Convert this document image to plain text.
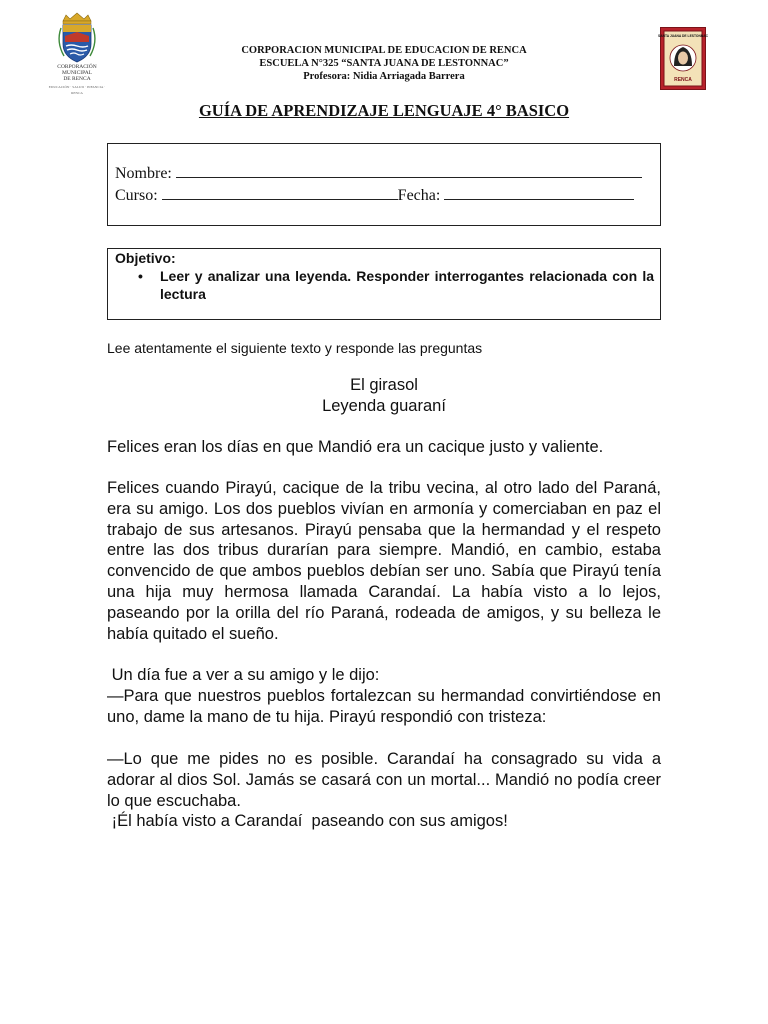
CORPORACIÓN
MUNICIPAL
DE RENCA
EDUCACIÓN · SALUD · INFANCIA · RENCA
SANTA JUANA DE LESTONNAC
RENCA
CORPORACION MUNICIPAL DE EDUCACION DE RENCA
ESCUELA N°325 “SANTA JUANA DE LESTONNAC”
Profesora: Nidia Arriagada Barrera
GUÍA DE APRENDIZAJE LENGUAJE 4° BASICO
Nombre:
Curso:	Fecha:
Objetivo:
• Leer y analizar una leyenda. Responder interrogantes relacionada con la lectura
Lee atentamente el siguiente texto y responde las preguntas
El girasol
Leyenda guaraní

Felices eran los días en que Mandió era un cacique justo y valiente.

Felices cuando Pirayú, cacique de la tribu vecina, al otro lado del Paraná, era su amigo. Los dos pueblos vivían en armonía y comerciaban en paz el trabajo de sus artesanos. Pirayú pensaba que la hermandad y el respeto entre las dos tribus durarían para siempre. Mandió, en cambio, estaba convencido de que ambos pueblos debían ser uno. Sabía que Pirayú tenía una hija muy hermosa llamada Carandaí. La había visto a lo lejos, paseando por la orilla del río Paraná, rodeada de amigos, y su belleza le había quitado el sueño.

Un día fue a ver a su amigo y le dijo:

—Para que nuestros pueblos fortalezcan su hermandad convirtiéndose en uno, dame la mano de tu hija. Pirayú respondió con tristeza:

—Lo que me pides no es posible. Carandaí ha consagrado su vida a adorar al dios Sol. Jamás se casará con un mortal... Mandió no podía creer lo que escuchaba.

¡Él había visto a Carandaí  paseando con sus amigos!
